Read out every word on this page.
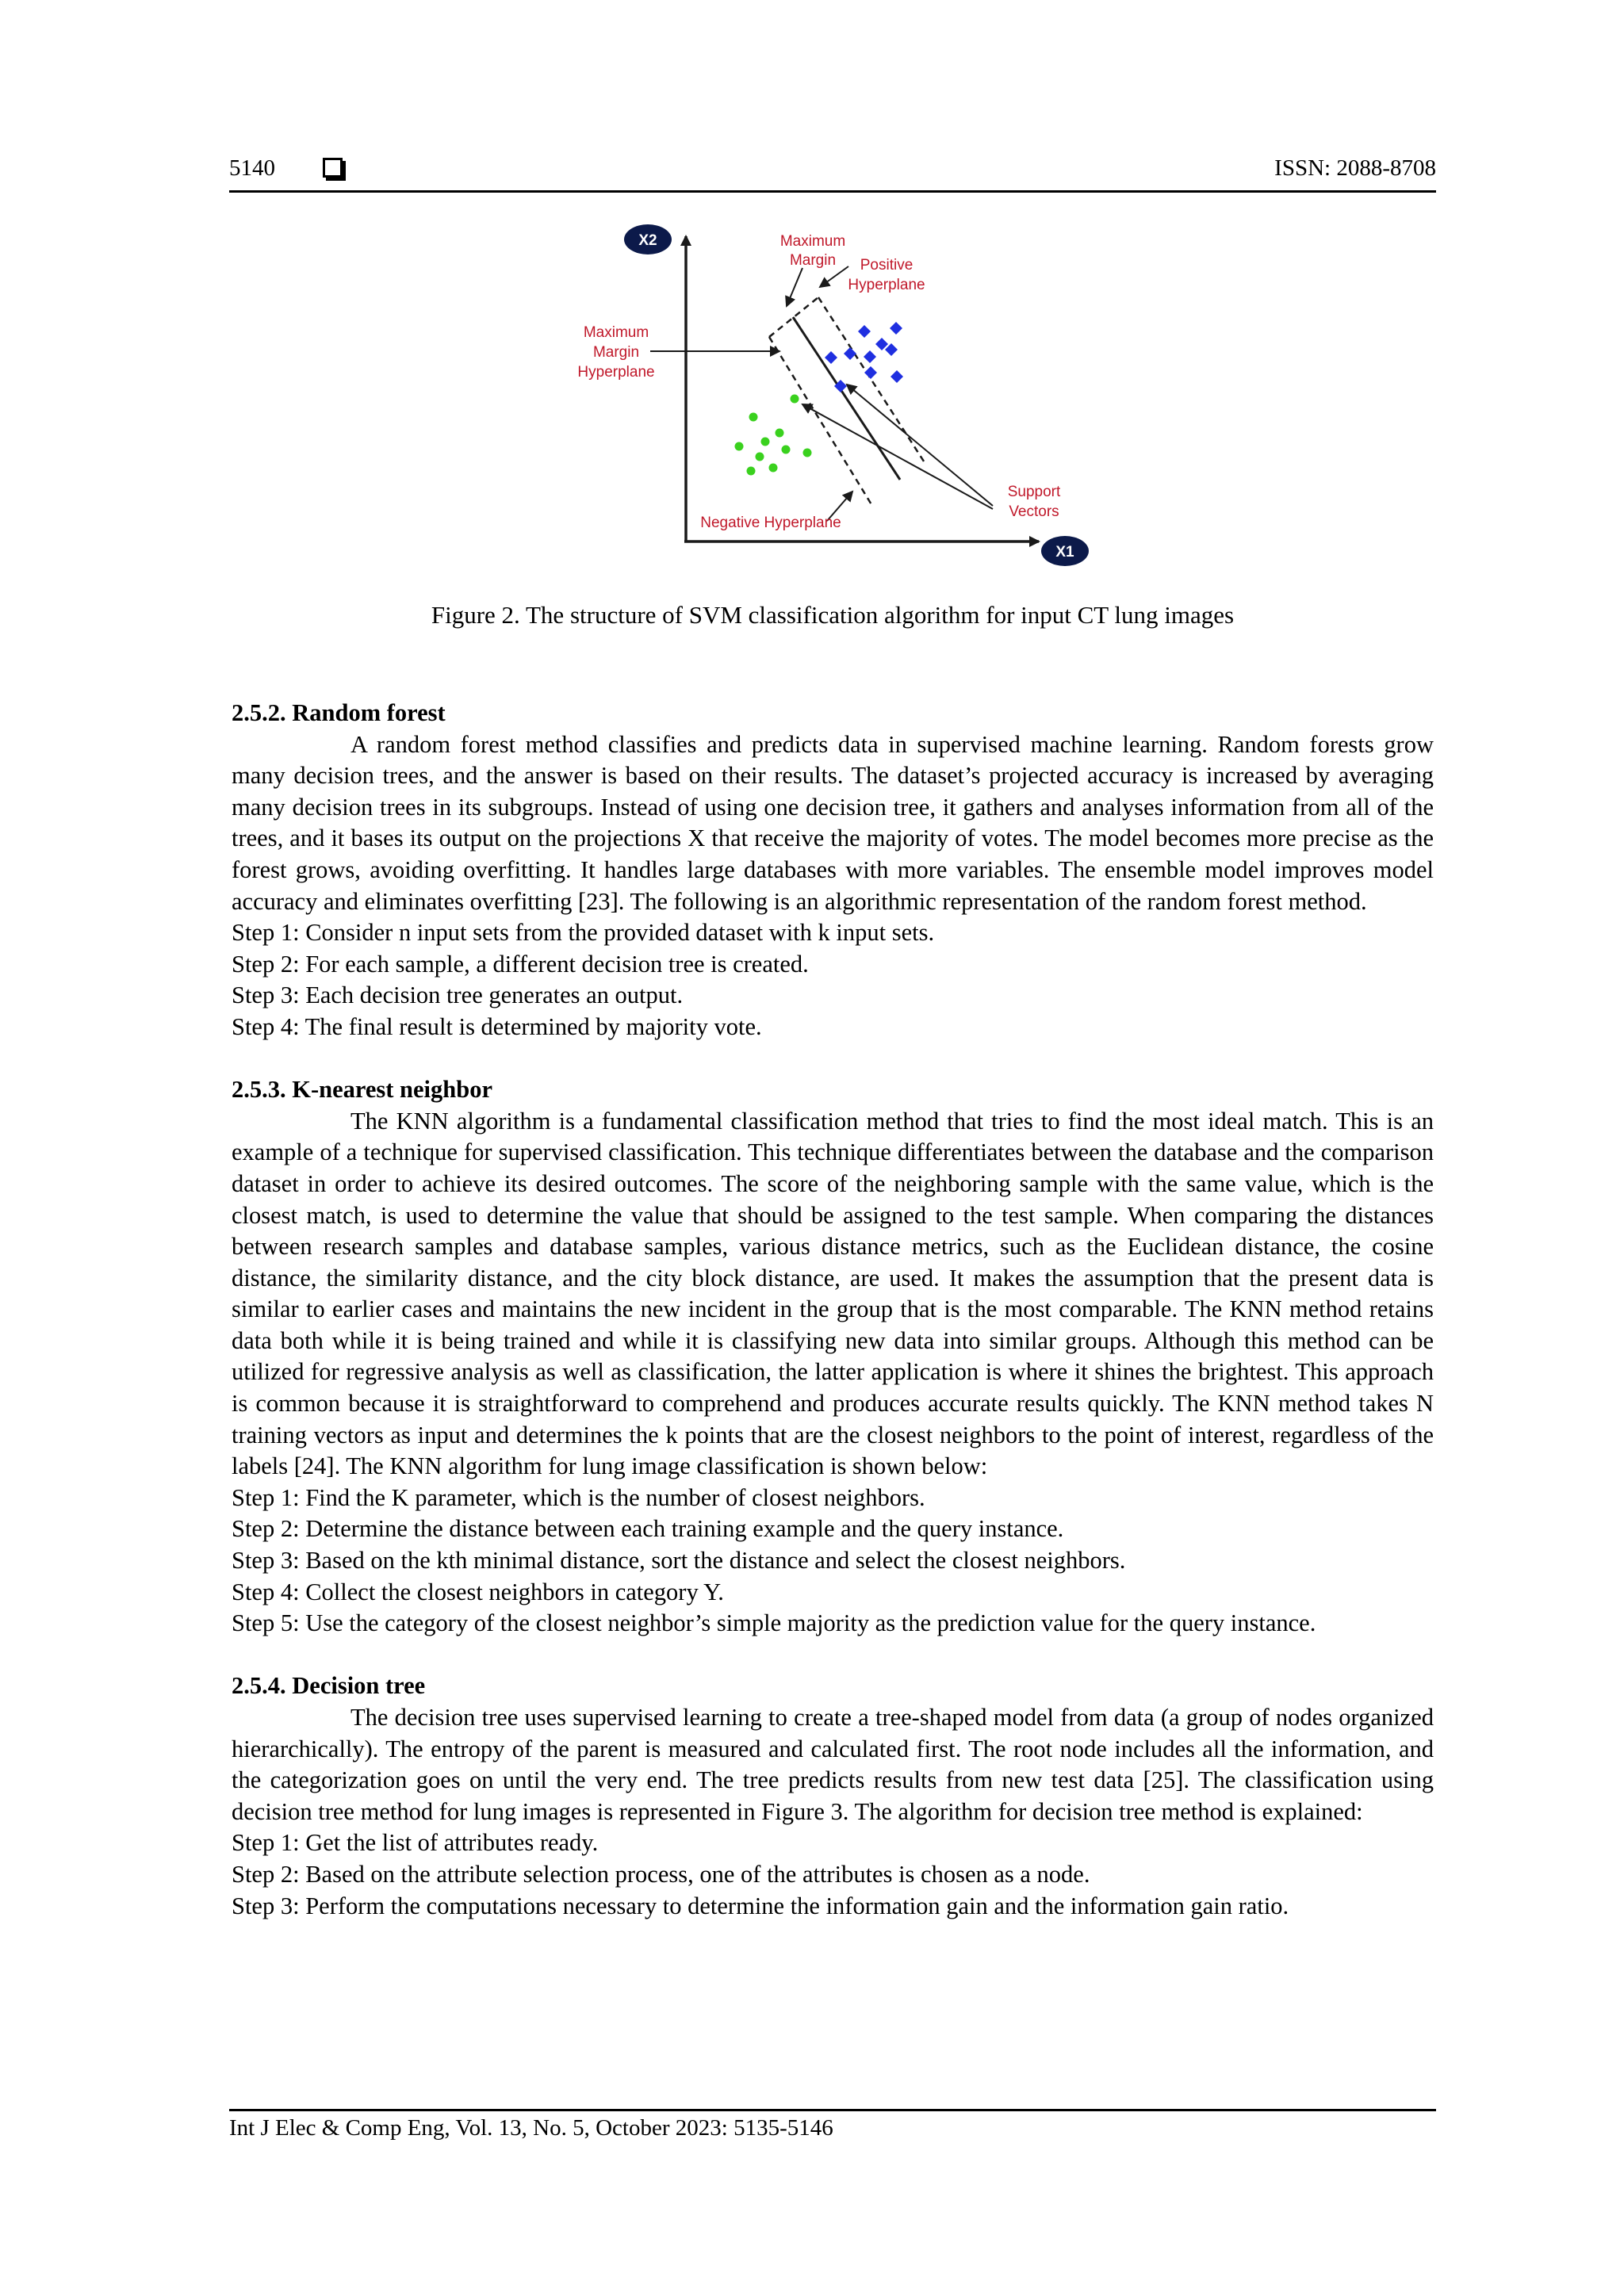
5140	ISSN: 2088-8708
X2
X1
Maximum
Margin Positive
Hyperplane
Maximum
Margin
Hyperplane
Support
Vectors
Negative Hyperplane
Figure 2. The structure of SVM classification algorithm for input CT lung images
2.5.2. Random forest

A random forest method classifies and predicts data in supervised machine learning. Random forests grow many decision trees, and the answer is based on their results. The dataset’s projected accuracy is increased by averaging many decision trees in its subgroups. Instead of using one decision tree, it gathers and analyses information from all of the trees, and it bases its output on the projections X that receive the majority of votes. The model becomes more precise as the forest grows, avoiding overfitting. It handles large databases with more variables. The ensemble model improves model accuracy and eliminates overfitting [23]. The following is an algorithmic representation of the random forest method.

Step 1: Consider n input sets from the provided dataset with k input sets.

Step 2: For each sample, a different decision tree is created.

Step 3: Each decision tree generates an output.

Step 4: The final result is determined by majority vote.

2.5.3. K-nearest neighbor

The KNN algorithm is a fundamental classification method that tries to find the most ideal match. This is an example of a technique for supervised classification. This technique differentiates between the database and the comparison dataset in order to achieve its desired outcomes. The score of the neighboring sample with the same value, which is the closest match, is used to determine the value that should be assigned to the test sample. When comparing the distances between research samples and database samples, various distance metrics, such as the Euclidean distance, the cosine distance, the similarity distance, and the city block distance, are used. It makes the assumption that the present data is similar to earlier cases and maintains the new incident in the group that is the most comparable. The KNN method retains data both while it is being trained and while it is classifying new data into similar groups. Although this method can be utilized for regressive analysis as well as classification, the latter application is where it shines the brightest. This approach is common because it is straightforward to comprehend and produces accurate results quickly. The KNN method takes N training vectors as input and determines the k points that are the closest neighbors to the point of interest, regardless of the labels [24]. The KNN algorithm for lung image classification is shown below:

Step 1: Find the K parameter, which is the number of closest neighbors.

Step 2: Determine the distance between each training example and the query instance.

Step 3: Based on the kth minimal distance, sort the distance and select the closest neighbors.

Step 4: Collect the closest neighbors in category Y.

Step 5: Use the category of the closest neighbor’s simple majority as the prediction value for the query instance.

2.5.4. Decision tree

The decision tree uses supervised learning to create a tree-shaped model from data (a group of nodes organized hierarchically). The entropy of the parent is measured and calculated first. The root node includes all the information, and the categorization goes on until the very end. The tree predicts results from new test data [25]. The classification using decision tree method for lung images is represented in Figure 3. The algorithm for decision tree method is explained:

Step 1: Get the list of attributes ready.

Step 2: Based on the attribute selection process, one of the attributes is chosen as a node.

Step 3: Perform the computations necessary to determine the information gain and the information gain ratio.

Int J Elec & Comp Eng, Vol. 13, No. 5, October 2023: 5135-5146
